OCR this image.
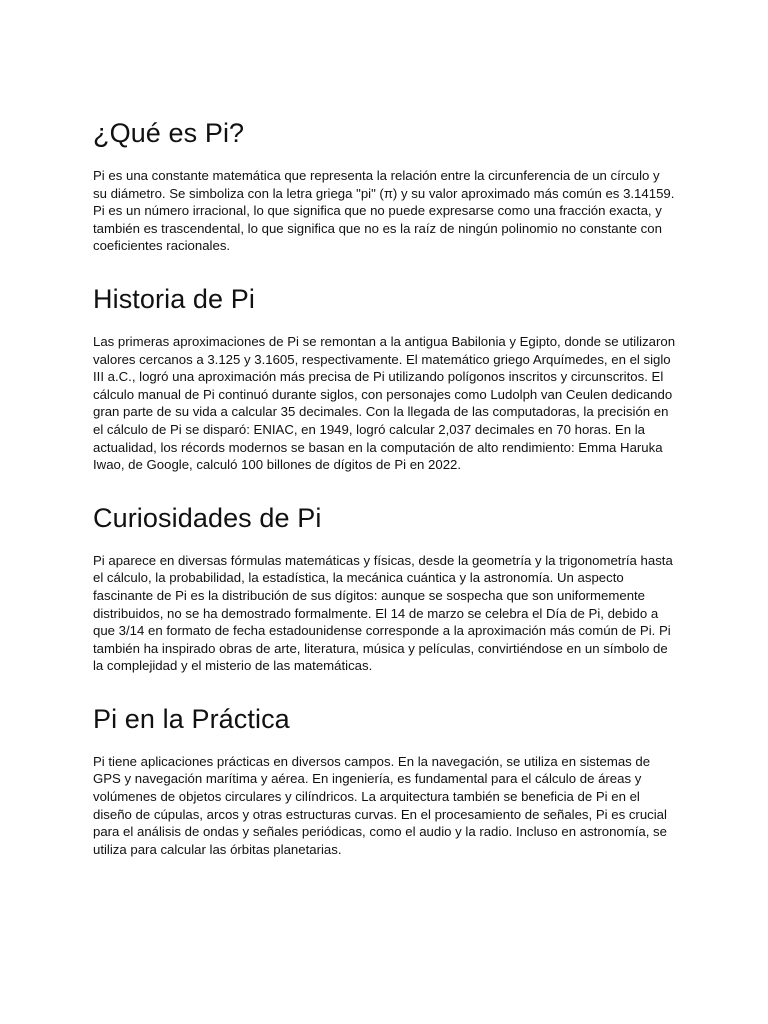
¿Qué es Pi?

Pi es una constante matemática que representa la relación entre la circunferencia de un círculo y su diámetro. Se simboliza con la letra griega "pi" (π) y su valor aproximado más común es 3.14159. Pi es un número irracional, lo que significa que no puede expresarse como una fracción exacta, y también es trascendental, lo que significa que no es la raíz de ningún polinomio no constante con coeficientes racionales.

Historia de Pi

Las primeras aproximaciones de Pi se remontan a la antigua Babilonia y Egipto, donde se utilizaron valores cercanos a 3.125 y 3.1605, respectivamente. El matemático griego Arquímedes, en el siglo III a.C., logró una aproximación más precisa de Pi utilizando polígonos inscritos y circunscritos. El cálculo manual de Pi continuó durante siglos, con personajes como Ludolph van Ceulen dedicando gran parte de su vida a calcular 35 decimales. Con la llegada de las computadoras, la precisión en el cálculo de Pi se disparó: ENIAC, en 1949, logró calcular 2,037 decimales en 70 horas. En la actualidad, los récords modernos se basan en la computación de alto rendimiento: Emma Haruka Iwao, de Google, calculó 100 billones de dígitos de Pi en 2022.

Curiosidades de Pi

Pi aparece en diversas fórmulas matemáticas y físicas, desde la geometría y la trigonometría hasta el cálculo, la probabilidad, la estadística, la mecánica cuántica y la astronomía. Un aspecto fascinante de Pi es la distribución de sus dígitos: aunque se sospecha que son uniformemente distribuidos, no se ha demostrado formalmente. El 14 de marzo se celebra el Día de Pi, debido a que 3/14 en formato de fecha estadounidense corresponde a la aproximación más común de Pi. Pi también ha inspirado obras de arte, literatura, música y películas, convirtiéndose en un símbolo de la complejidad y el misterio de las matemáticas.

Pi en la Práctica

Pi tiene aplicaciones prácticas en diversos campos. En la navegación, se utiliza en sistemas de GPS y navegación marítima y aérea. En ingeniería, es fundamental para el cálculo de áreas y volúmenes de objetos circulares y cilíndricos. La arquitectura también se beneficia de Pi en el diseño de cúpulas, arcos y otras estructuras curvas. En el procesamiento de señales, Pi es crucial para el análisis de ondas y señales periódicas, como el audio y la radio. Incluso en astronomía, se utiliza para calcular las órbitas planetarias.
